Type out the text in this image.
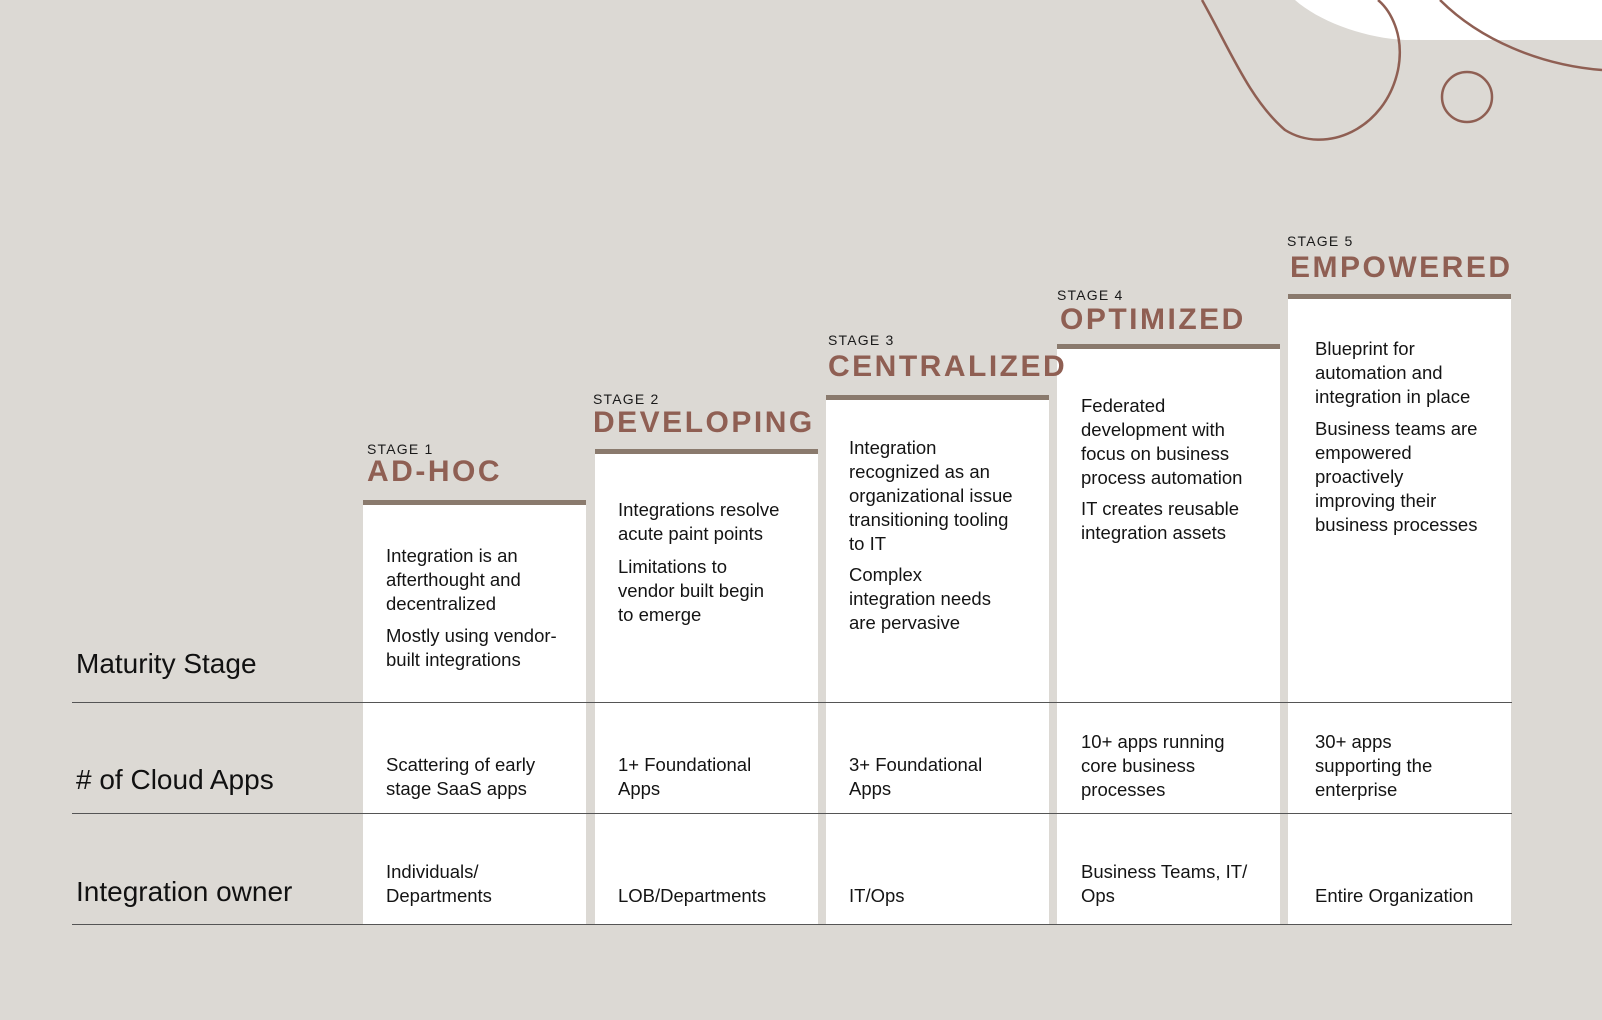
Maturity Stage
# of Cloud Apps
Integration owner
STAGE 1
AD-HOC
Integration is an
afterthought and
decentralized
Mostly using vendor-
built integrations
Scattering of early
stage SaaS apps
Individuals/
Departments
STAGE 2
DEVELOPING
Integrations resolve
acute paint points
Limitations to
vendor built begin
to emerge
1+ Foundational
Apps
LOB/Departments
STAGE 3
CENTRALIZED
Integration
recognized as an
organizational issue
transitioning tooling
to IT
Complex
integration needs
are pervasive
3+ Foundational
Apps
IT/Ops
STAGE 4
OPTIMIZED
Federated
development with
focus on business
process automation
IT creates reusable
integration assets
10+ apps running
core business
processes
Business Teams, IT/
Ops
STAGE 5
EMPOWERED
Blueprint for
automation and
integration in place
Business teams are
empowered
proactively
improving their
business processes
30+ apps
supporting the
enterprise
Entire Organization
